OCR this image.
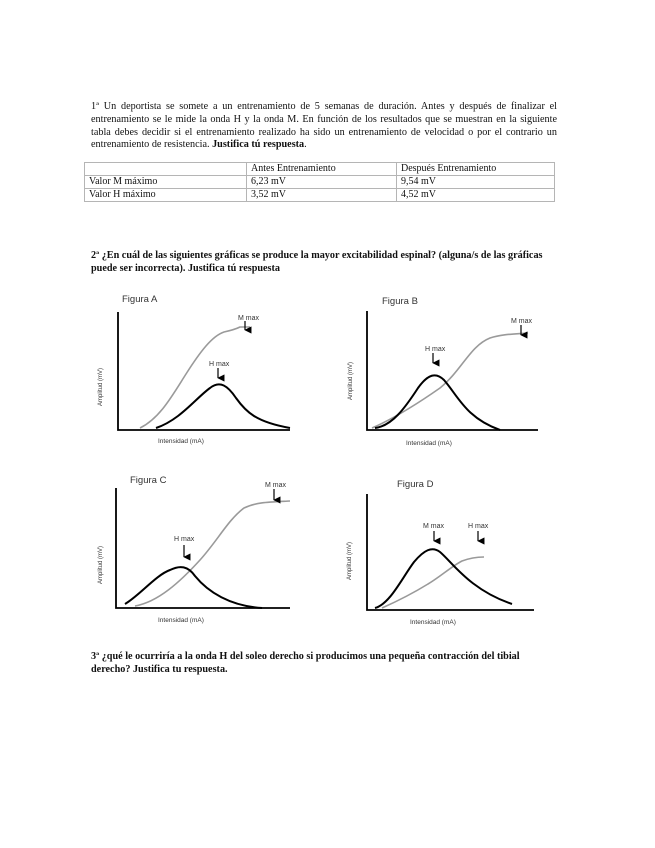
1ª Un deportista se somete a un entrenamiento de 5 semanas de duración. Antes y después de finalizar el entrenamiento se le mide la onda H y la onda M. En función de los resultados que se muestran en la siguiente tabla debes decidir si el entrenamiento realizado ha sido un entrenamiento de velocidad o por el contrario un entrenamiento de resistencia. Justifica tú respuesta.
	Antes Entrenamiento	Después Entrenamiento
Valor M máximo	6,23 mV	9,54 mV
Valor H máximo	3,52 mV	4,52 mV
2ª ¿En cuál de las siguientes gráficas se produce la mayor excitabilidad espinal? (alguna/s de las gráficas puede ser incorrecta). Justifica tú respuesta
Figura A
Amplitud (mV)
Intensidad (mA)
M max
H max
Figura B
Amplitud (mV)
Intensidad (mA)
M max
H max
Figura C
Amplitud (mV)
Intensidad (mA)
M max
H max
Figura D
Amplitud (mV)
Intensidad (mA)
M max	H max
3ª ¿qué le ocurriría a la onda H del soleo derecho si producimos una pequeña contracción del tibial derecho? Justifica tu respuesta.
